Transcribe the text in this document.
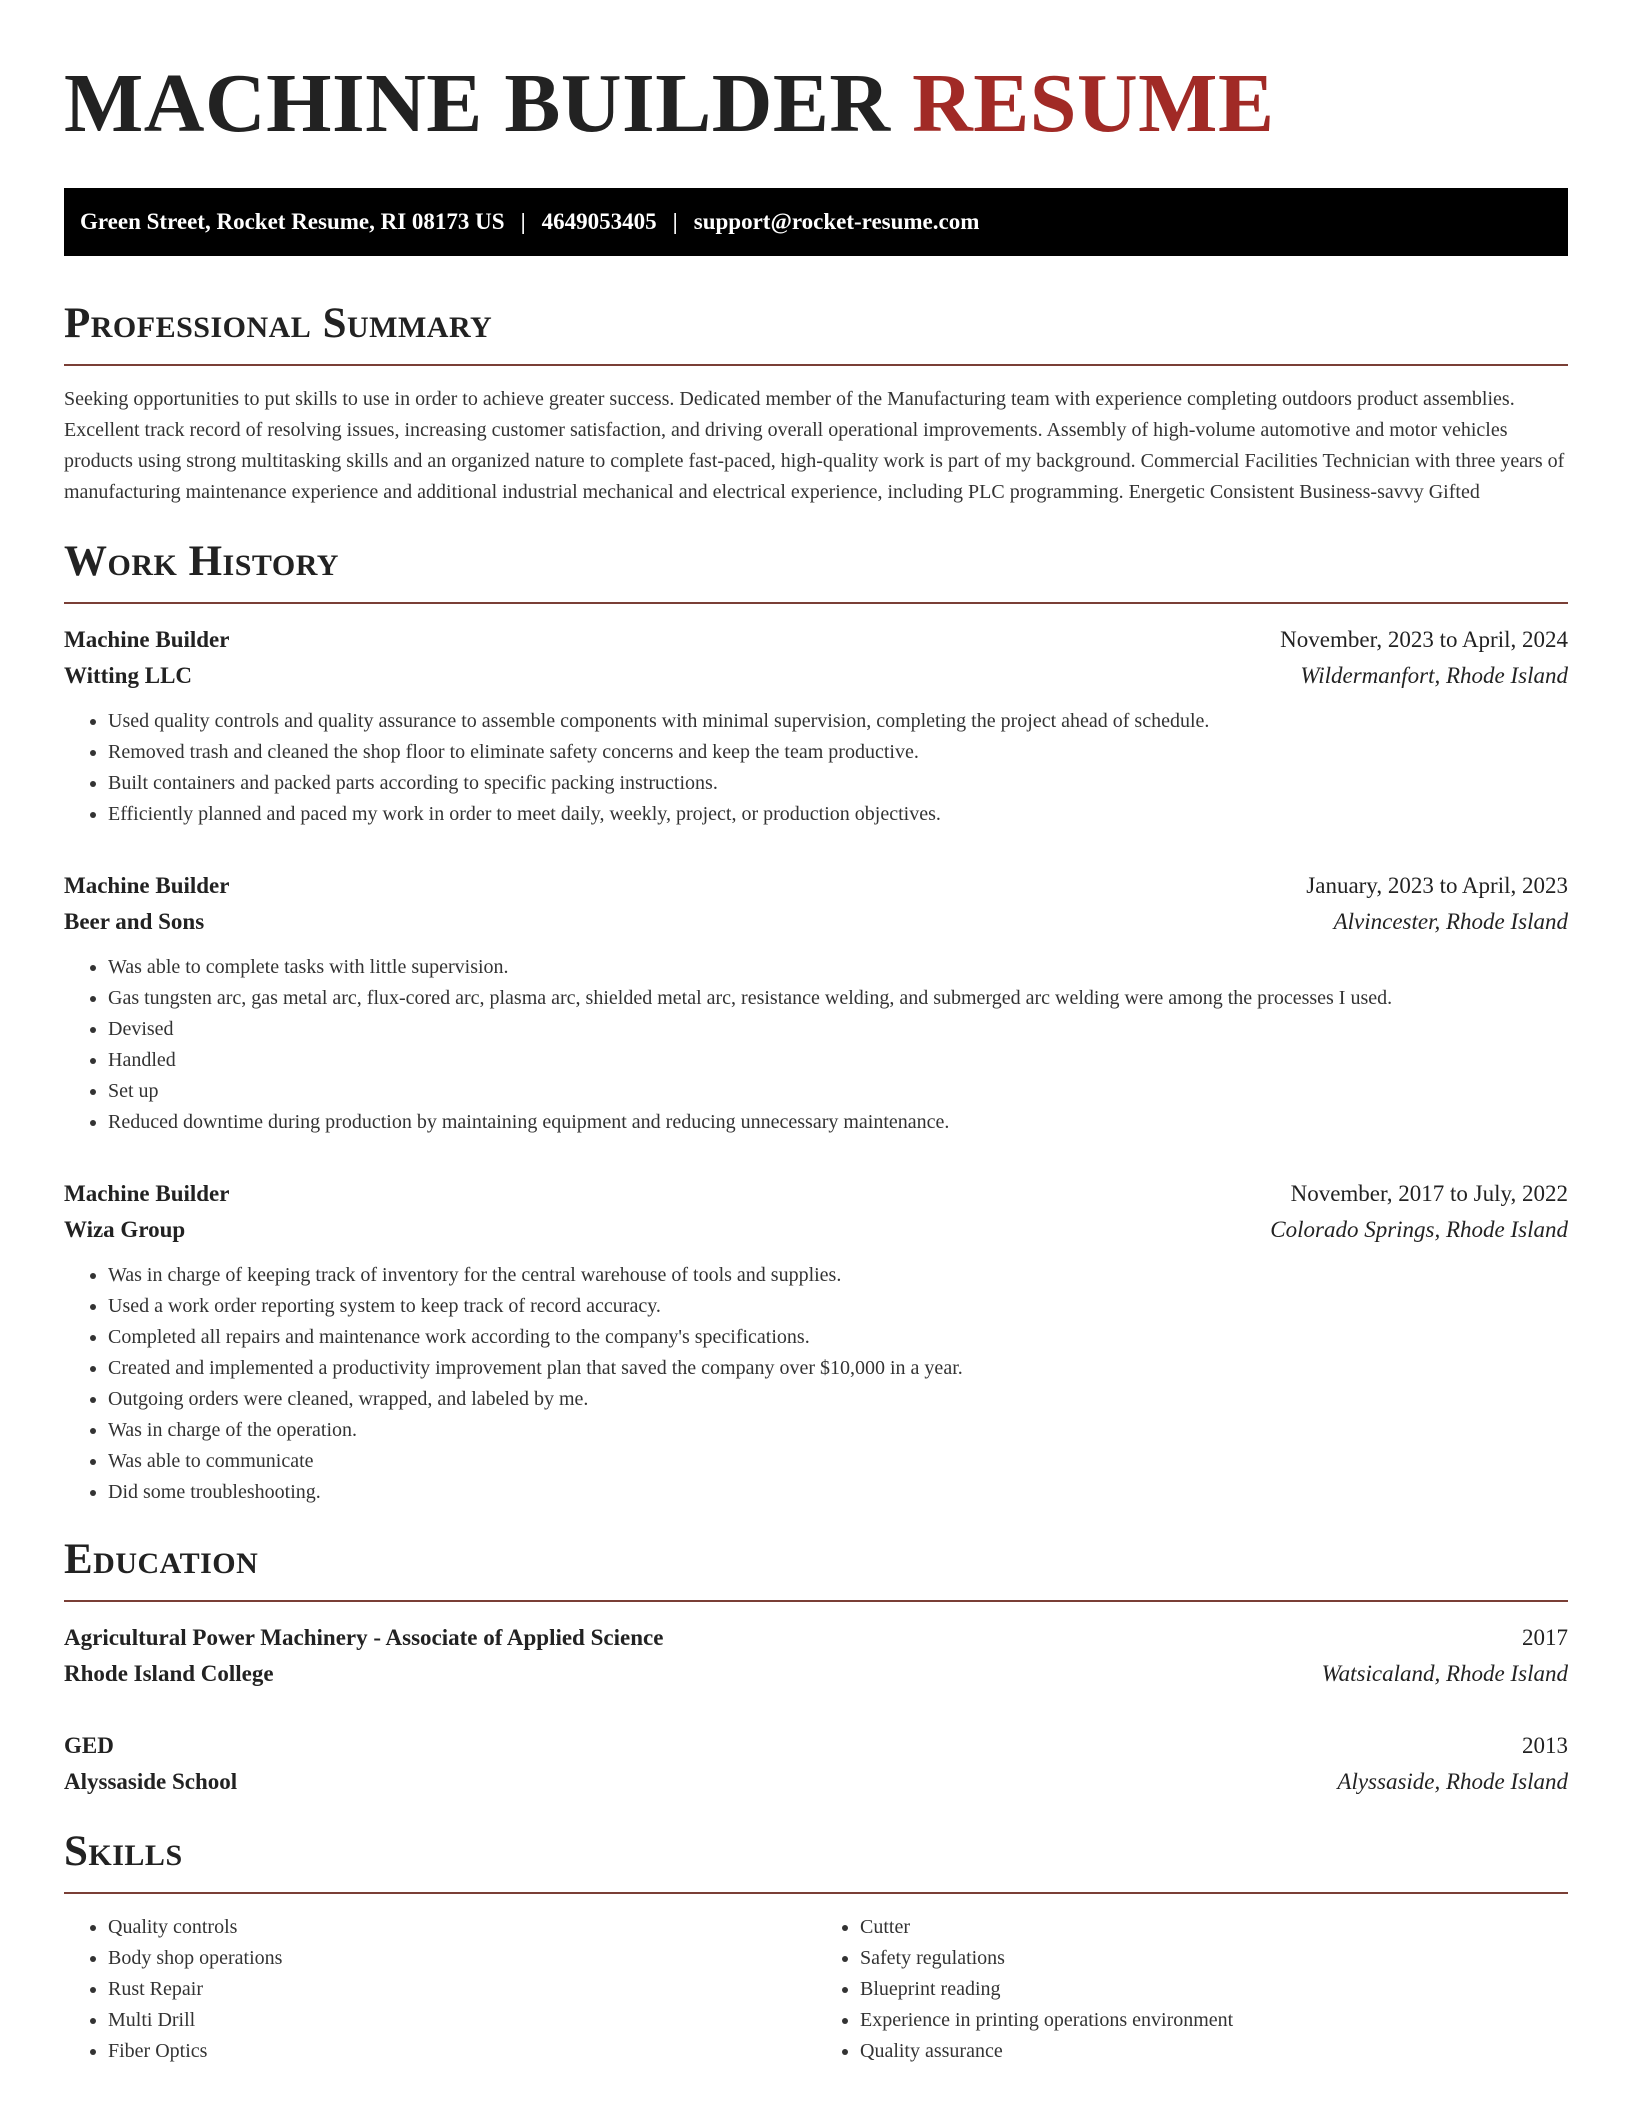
MACHINE BUILDER RESUME
Green Street, Rocket Resume, RI 08173 US | 4649053405 | support@rocket-resume.com
Professional Summary

Seeking opportunities to put skills to use in order to achieve greater success. Dedicated member of the Manufacturing team with experience completing outdoors product assemblies. Excellent track record of resolving issues, increasing customer satisfaction, and driving overall operational improvements. Assembly of high-volume automotive and motor vehicles products using strong multitasking skills and an organized nature to complete fast-paced, high-quality work is part of my background. Commercial Facilities Technician with three years of manufacturing maintenance experience and additional industrial mechanical and electrical experience, including PLC programming. Energetic Consistent Business-savvy Gifted

Work History
Machine Builder	November, 2023 to April, 2024
Witting LLC	Wildermanfort, Rhode Island
• Used quality controls and quality assurance to assemble components with minimal supervision, completing the project ahead of schedule.
• Removed trash and cleaned the shop floor to eliminate safety concerns and keep the team productive.
• Built containers and packed parts according to specific packing instructions.
• Efficiently planned and paced my work in order to meet daily, weekly, project, or production objectives.
Machine Builder	January, 2023 to April, 2023
Beer and Sons	Alvincester, Rhode Island
• Was able to complete tasks with little supervision.
• Gas tungsten arc, gas metal arc, flux-cored arc, plasma arc, shielded metal arc, resistance welding, and submerged arc welding were among the processes I used.
• Devised
• Handled
• Set up
• Reduced downtime during production by maintaining equipment and reducing unnecessary maintenance.
Machine Builder	November, 2017 to July, 2022
Wiza Group	Colorado Springs, Rhode Island
• Was in charge of keeping track of inventory for the central warehouse of tools and supplies.
• Used a work order reporting system to keep track of record accuracy.
• Completed all repairs and maintenance work according to the company's specifications.
• Created and implemented a productivity improvement plan that saved the company over $10,000 in a year.
• Outgoing orders were cleaned, wrapped, and labeled by me.
• Was in charge of the operation.
• Was able to communicate
• Did some troubleshooting.
Education
Agricultural Power Machinery - Associate of Applied Science	2017
Rhode Island College	Watsicaland, Rhode Island
GED	2013
Alyssaside School	Alyssaside, Rhode Island
Skills
• Quality controls
• Body shop operations
• Rust Repair
• Multi Drill
• Fiber Optics
• Cutter
• Safety regulations
• Blueprint reading
• Experience in printing operations environment
• Quality assurance
